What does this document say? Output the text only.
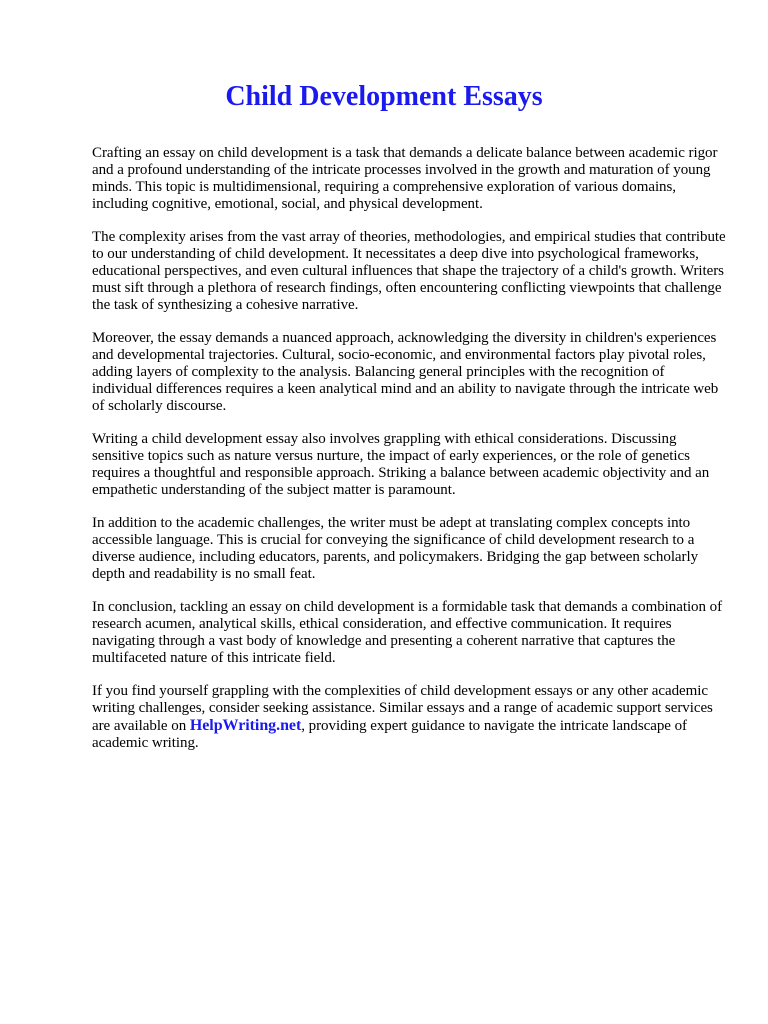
Child Development Essays

Crafting an essay on child development is a task that demands a delicate balance between academic rigor and a profound understanding of the intricate processes involved in the growth and maturation of young minds. This topic is multidimensional, requiring a comprehensive exploration of various domains, including cognitive, emotional, social, and physical development.

The complexity arises from the vast array of theories, methodologies, and empirical studies that contribute to our understanding of child development. It necessitates a deep dive into psychological frameworks, educational perspectives, and even cultural influences that shape the trajectory of a child's growth. Writers must sift through a plethora of research findings, often encountering conflicting viewpoints that challenge the task of synthesizing a cohesive narrative.

Moreover, the essay demands a nuanced approach, acknowledging the diversity in children's experiences and developmental trajectories. Cultural, socio-economic, and environmental factors play pivotal roles, adding layers of complexity to the analysis. Balancing general principles with the recognition of individual differences requires a keen analytical mind and an ability to navigate through the intricate web of scholarly discourse.

Writing a child development essay also involves grappling with ethical considerations. Discussing sensitive topics such as nature versus nurture, the impact of early experiences, or the role of genetics requires a thoughtful and responsible approach. Striking a balance between academic objectivity and an empathetic understanding of the subject matter is paramount.

In addition to the academic challenges, the writer must be adept at translating complex concepts into accessible language. This is crucial for conveying the significance of child development research to a diverse audience, including educators, parents, and policymakers. Bridging the gap between scholarly depth and readability is no small feat.

In conclusion, tackling an essay on child development is a formidable task that demands a combination of research acumen, analytical skills, ethical consideration, and effective communication. It requires navigating through a vast body of knowledge and presenting a coherent narrative that captures the multifaceted nature of this intricate field.

If you find yourself grappling with the complexities of child development essays or any other academic writing challenges, consider seeking assistance. Similar essays and a range of academic support services are available on HelpWriting.net, providing expert guidance to navigate the intricate landscape of academic writing.
